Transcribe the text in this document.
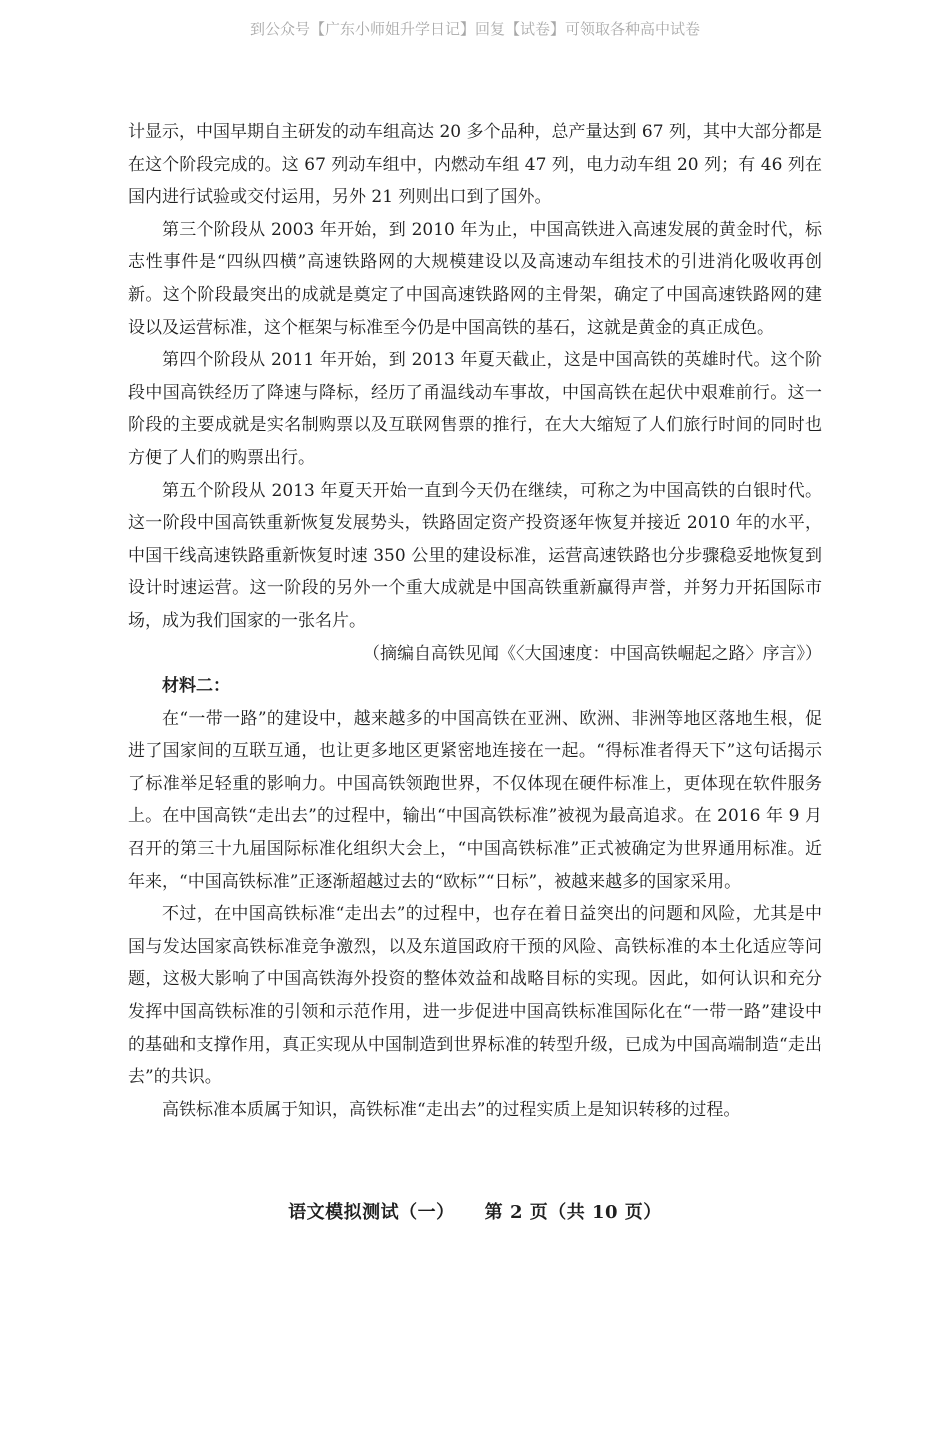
到公众号【广东小师姐升学日记】回复【试卷】可领取各种高中试卷

计显示，中国早期自主研发的动车组高达 20 多个品种，总产量达到 67 列，其中大部分都是在这个阶段完成的。这 67 列动车组中，内燃动车组 47 列，电力动车组 20 列；有 46 列在国内进行试验或交付运用，另外 21 列则出口到了国外。

第三个阶段从 2003 年开始，到 2010 年为止，中国高铁进入高速发展的黄金时代，标志性事件是“四纵四横”高速铁路网的大规模建设以及高速动车组技术的引进消化吸收再创新。这个阶段最突出的成就是奠定了中国高速铁路网的主骨架，确定了中国高速铁路网的建设以及运营标准，这个框架与标准至今仍是中国高铁的基石，这就是黄金的真正成色。

第四个阶段从 2011 年开始，到 2013 年夏天截止，这是中国高铁的英雄时代。这个阶段中国高铁经历了降速与降标，经历了甬温线动车事故，中国高铁在起伏中艰难前行。这一阶段的主要成就是实名制购票以及互联网售票的推行，在大大缩短了人们旅行时间的同时也方便了人们的购票出行。

第五个阶段从 2013 年夏天开始一直到今天仍在继续，可称之为中国高铁的白银时代。这一阶段中国高铁重新恢复发展势头，铁路固定资产投资逐年恢复并接近 2010 年的水平，中国干线高速铁路重新恢复时速 350 公里的建设标准，运营高速铁路也分步骤稳妥地恢复到设计时速运营。这一阶段的另外一个重大成就是中国高铁重新赢得声誉，并努力开拓国际市场，成为我们国家的一张名片。

（摘编自高铁见闻《〈大国速度：中国高铁崛起之路〉序言》）

材料二：

在“一带一路”的建设中，越来越多的中国高铁在亚洲、欧洲、非洲等地区落地生根，促进了国家间的互联互通，也让更多地区更紧密地连接在一起。“得标准者得天下”这句话揭示了标准举足轻重的影响力。中国高铁领跑世界，不仅体现在硬件标准上，更体现在软件服务上。在中国高铁“走出去”的过程中，输出“中国高铁标准”被视为最高追求。在 2016 年 9 月召开的第三十九届国际标准化组织大会上，“中国高铁标准”正式被确定为世界通用标准。近年来，“中国高铁标准”正逐渐超越过去的“欧标”“日标”，被越来越多的国家采用。

不过，在中国高铁标准“走出去”的过程中，也存在着日益突出的问题和风险，尤其是中国与发达国家高铁标准竞争激烈，以及东道国政府干预的风险、高铁标准的本土化适应等问题，这极大影响了中国高铁海外投资的整体效益和战略目标的实现。因此，如何认识和充分发挥中国高铁标准的引领和示范作用，进一步促进中国高铁标准国际化在“一带一路”建设中的基础和支撑作用，真正实现从中国制造到世界标准的转型升级，已成为中国高端制造“走出去”的共识。

高铁标准本质属于知识，高铁标准“走出去”的过程实质上是知识转移的过程。

语文模拟测试（一） 第 2 页（共 10 页）
